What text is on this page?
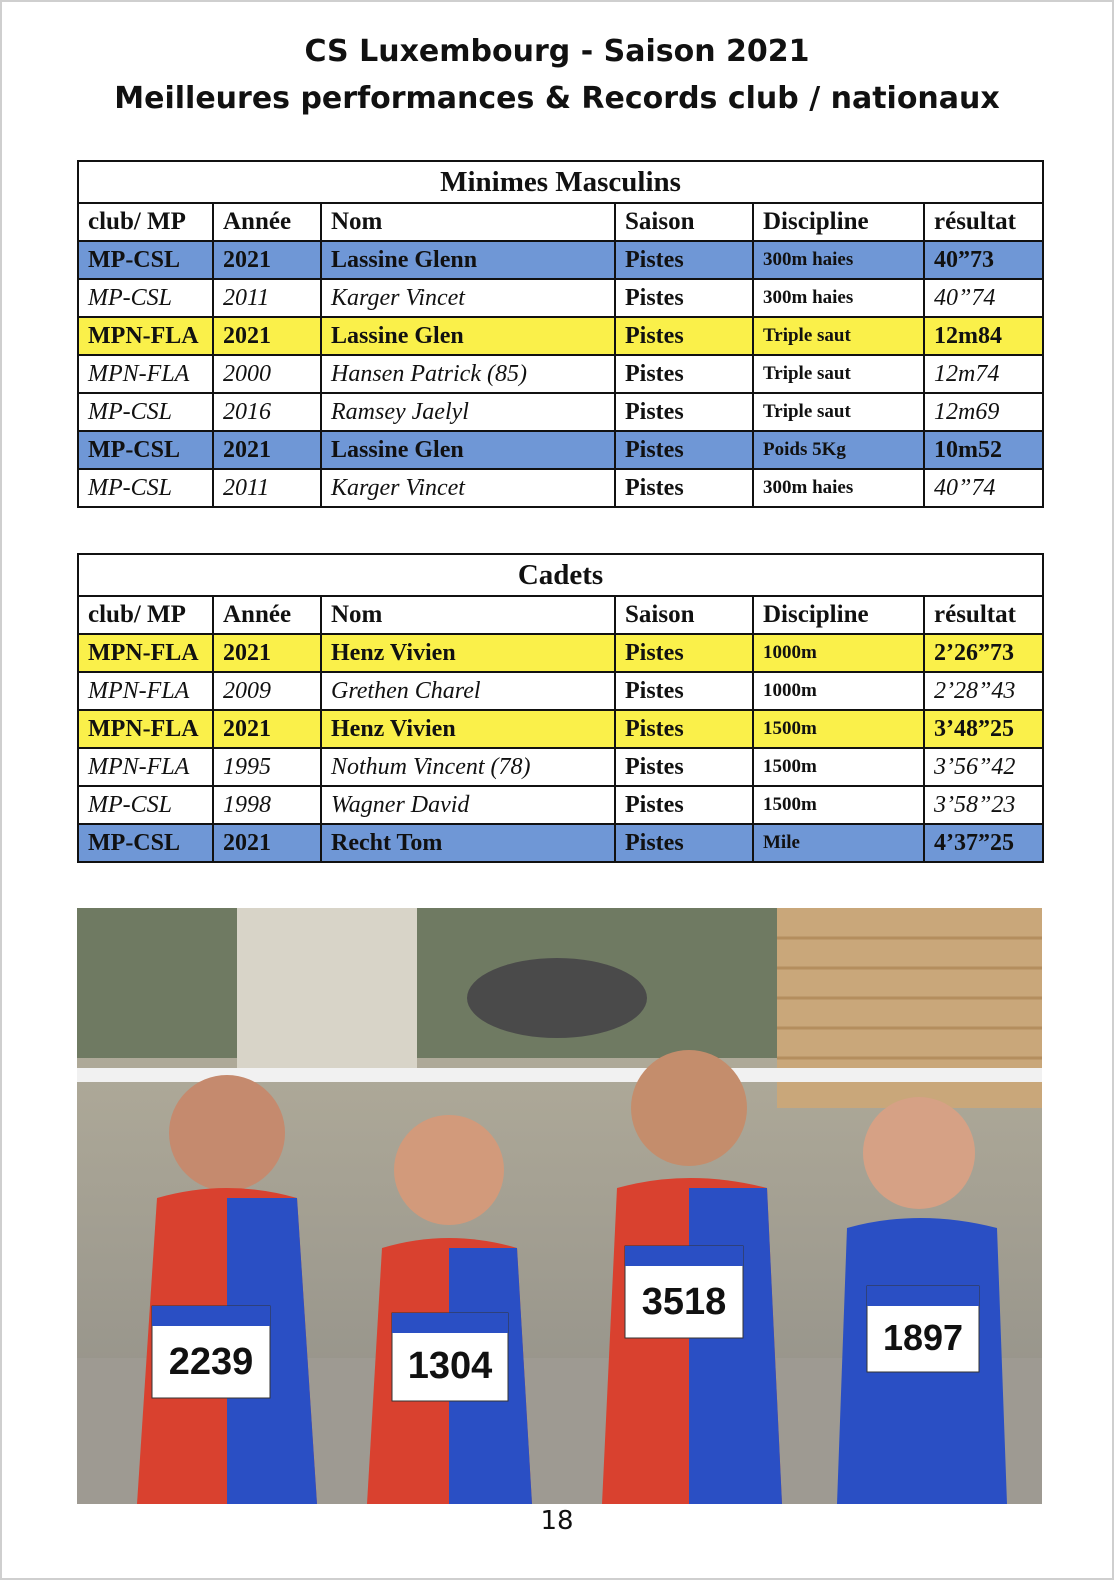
CS Luxembourg - Saison 2021
Meilleures performances & Records club / nationaux
Minimes Masculins					
club/ MP	Année	Nom	Saison	Discipline	résultat
MP-CSL	2021	Lassine Glenn	Pistes	300m haies	40”73
MP-CSL	2011	Karger Vincet	Pistes	300m haies	40”74
MPN-FLA	2021	Lassine Glen	Pistes	Triple saut	12m84
MPN-FLA	2000	Hansen Patrick (85)	Pistes	Triple saut	12m74
MP-CSL	2016	Ramsey Jaelyl	Pistes	Triple saut	12m69
MP-CSL	2021	Lassine Glen	Pistes	Poids 5Kg	10m52
MP-CSL	2011	Karger Vincet	Pistes	300m haies	40”74
Cadets					
club/ MP	Année	Nom	Saison	Discipline	résultat
MPN-FLA	2021	Henz Vivien	Pistes	1000m	2’26”73
MPN-FLA	2009	Grethen Charel	Pistes	1000m	2’28”43
MPN-FLA	2021	Henz Vivien	Pistes	1500m	3’48”25
MPN-FLA	1995	Nothum Vincent (78)	Pistes	1500m	3’56”42
MP-CSL	1998	Wagner David	Pistes	1500m	3’58”23
MP-CSL	2021	Recht Tom	Pistes	Mile	4’37”25
2239	1304
3518
1897
18
